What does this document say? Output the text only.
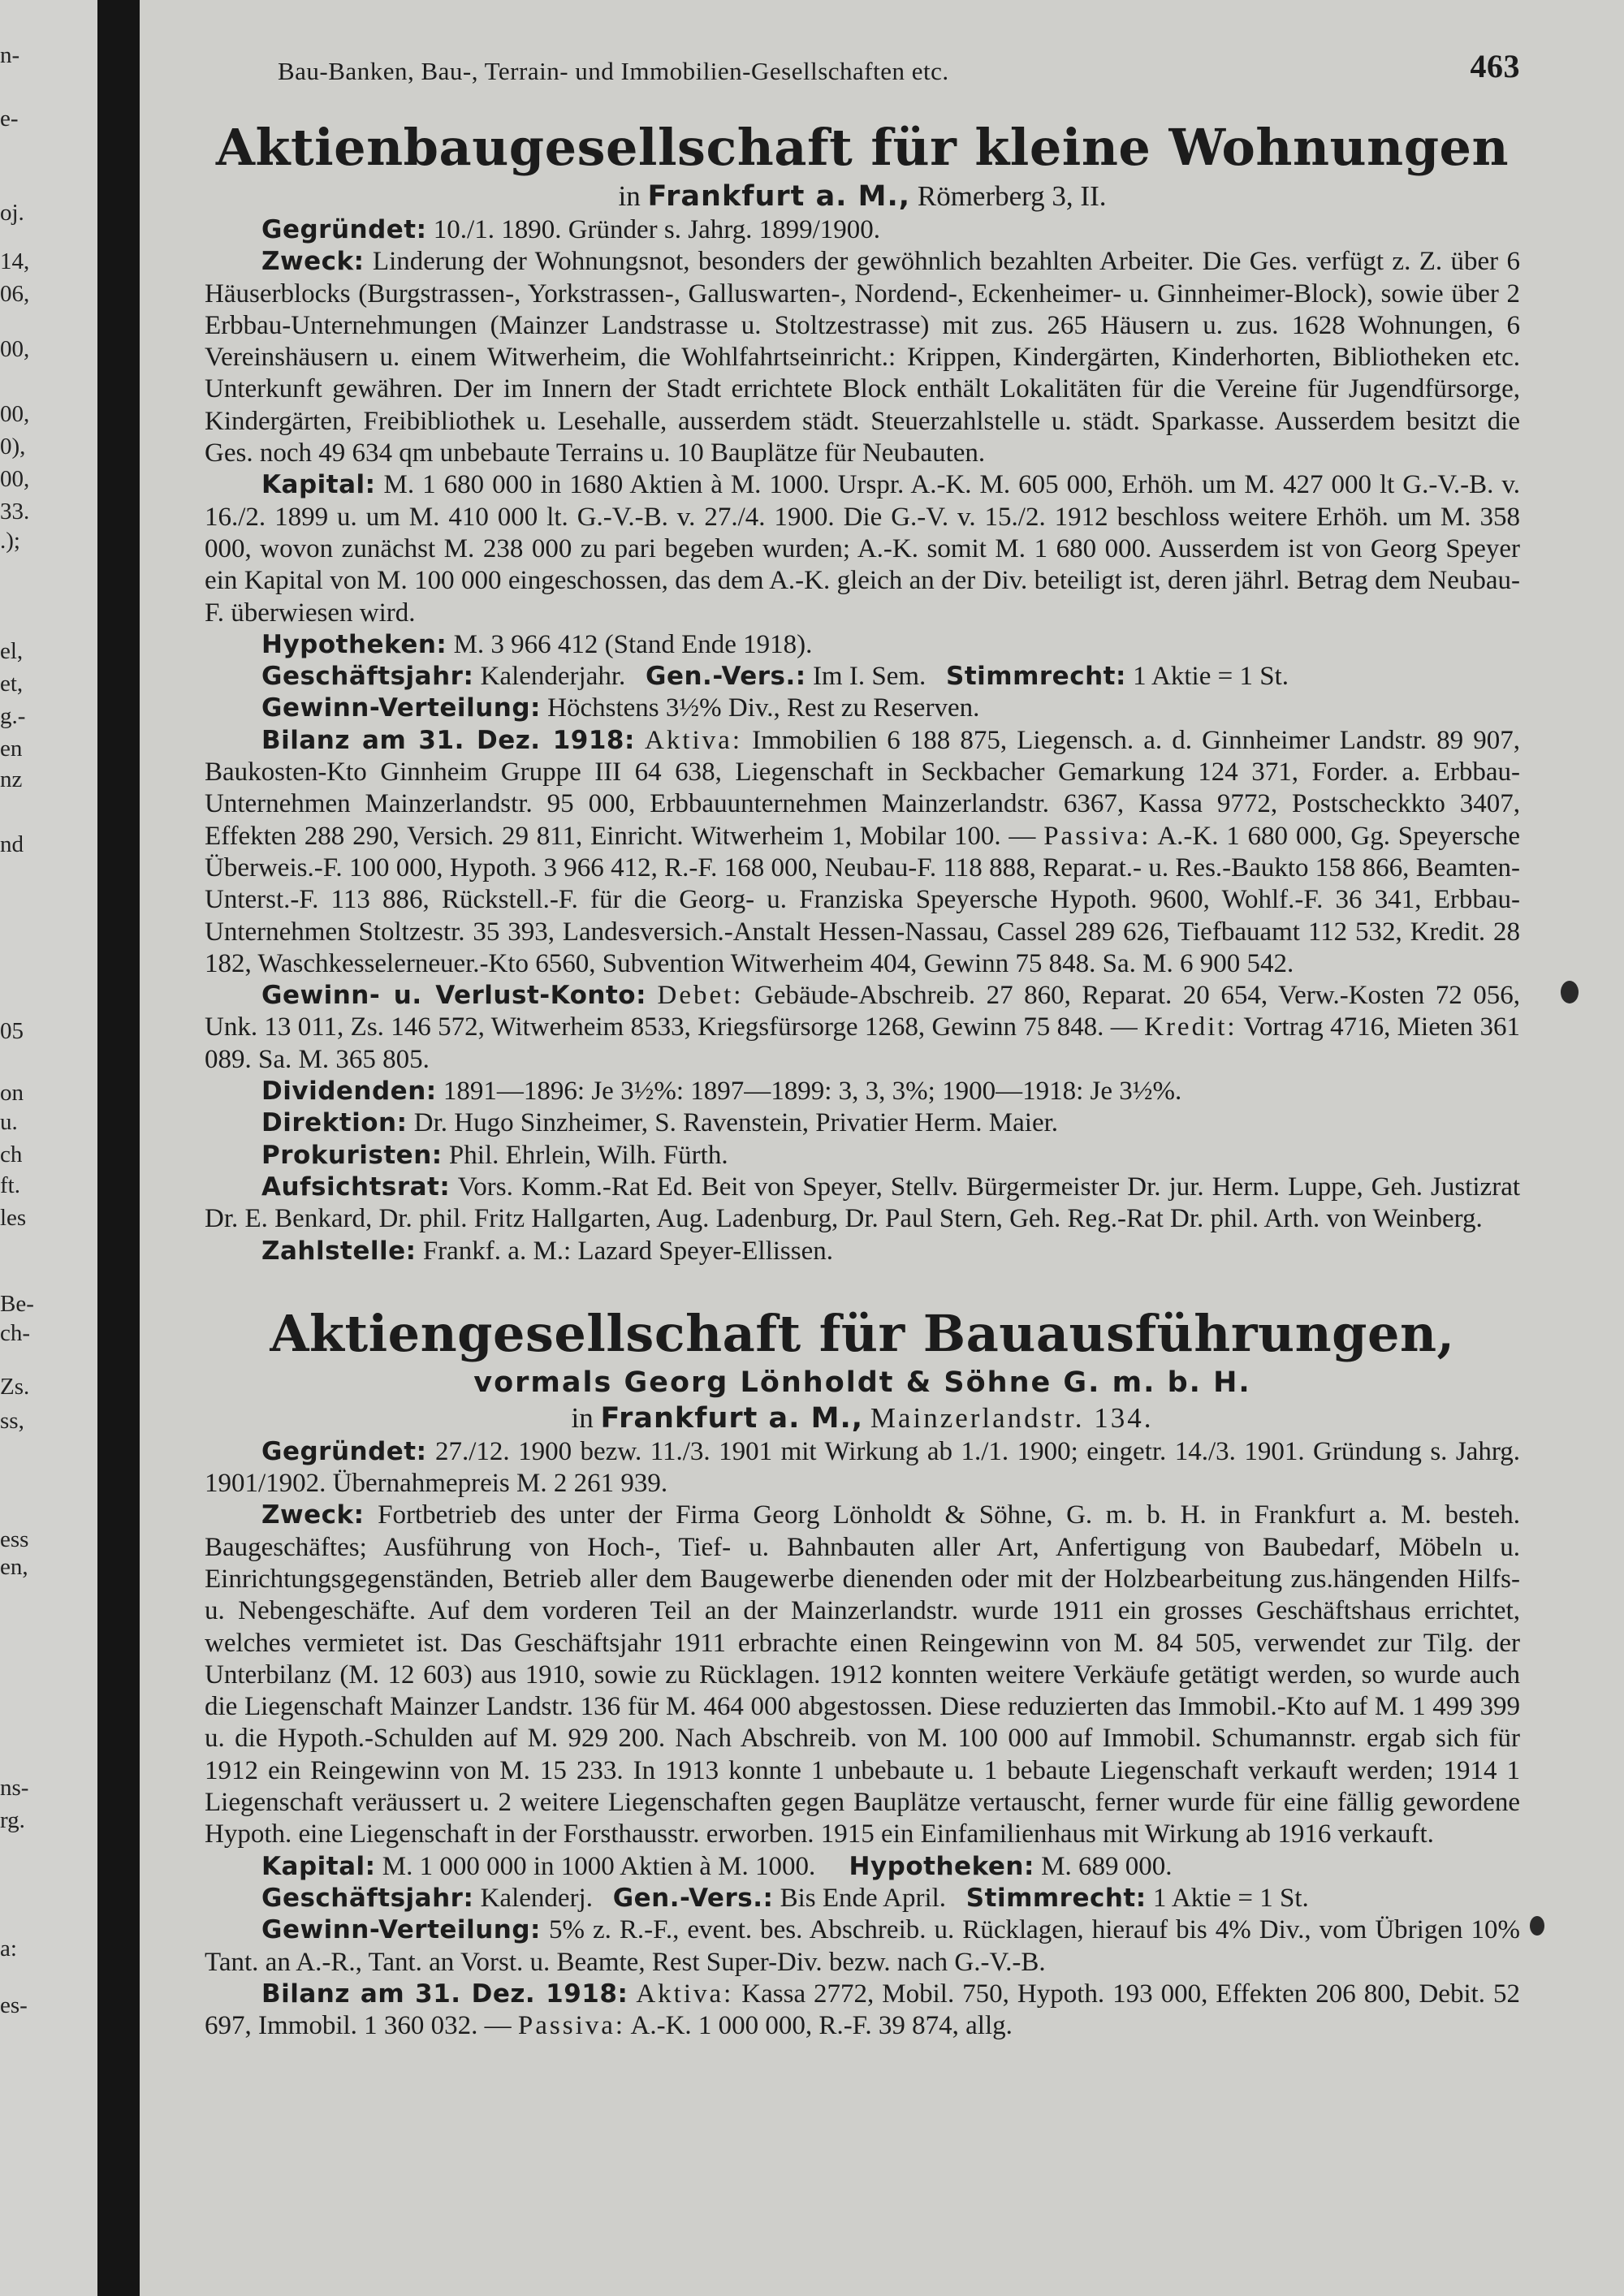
n-
e-
oj.
14,
06,
00,
00,
0),
00,
33.
.);
el,
et,
g.-
en
nz
nd
05
on
u.
ch
ft.
les
Be-
ch-
Zs.
ss,
ess
en,
ns-
rg.
a:
es-
Bau-Banken, Bau-, Terrain- und Immobilien-Gesellschaften etc.	463
Aktienbaugesellschaft für kleine Wohnungen
in Frankfurt a. M., Römerberg 3, II.

Gegründet: 10./1. 1890. Gründer s. Jahrg. 1899/1900.

Zweck: Linderung der Wohnungsnot, besonders der gewöhnlich bezahlten Arbeiter. Die Ges. verfügt z. Z. über 6 Häuserblocks (Burgstrassen-, Yorkstrassen-, Galluswarten-, Nordend-, Eckenheimer- u. Ginnheimer-Block), sowie über 2 Erbbau-Unternehmungen (Mainzer Landstrasse u. Stoltzestrasse) mit zus. 265 Häusern u. zus. 1628 Wohnungen, 6 Vereinshäusern u. einem Witwerheim, die Wohlfahrtseinricht.: Krippen, Kindergärten, Kinderhorten, Bibliotheken etc. Unterkunft gewähren. Der im Innern der Stadt errichtete Block enthält Lokalitäten für die Vereine für Jugendfürsorge, Kindergärten, Freibibliothek u. Lesehalle, ausserdem städt. Steuerzahlstelle u. städt. Sparkasse. Ausserdem besitzt die Ges. noch 49 634 qm unbebaute Terrains u. 10 Bauplätze für Neubauten.

Kapital: M. 1 680 000 in 1680 Aktien à M. 1000. Urspr. A.-K. M. 605 000, Erhöh. um M. 427 000 lt G.-V.-B. v. 16./2. 1899 u. um M. 410 000 lt. G.-V.-B. v. 27./4. 1900. Die G.-V. v. 15./2. 1912 beschloss weitere Erhöh. um M. 358 000, wovon zunächst M. 238 000 zu pari begeben wurden; A.-K. somit M. 1 680 000. Ausserdem ist von Georg Speyer ein Kapital von M. 100 000 eingeschossen, das dem A.-K. gleich an der Div. beteiligt ist, deren jährl. Betrag dem Neubau-F. überwiesen wird.

Hypotheken: M. 3 966 412 (Stand Ende 1918).

Geschäftsjahr: Kalenderjahr. Gen.-Vers.: Im I. Sem. Stimmrecht: 1 Aktie = 1 St.

Gewinn-Verteilung: Höchstens 3½% Div., Rest zu Reserven.

Bilanz am 31. Dez. 1918: Aktiva: Immobilien 6 188 875, Liegensch. a. d. Ginnheimer Landstr. 89 907, Baukosten-Kto Ginnheim Gruppe III 64 638, Liegenschaft in Seckbacher Gemarkung 124 371, Forder. a. Erbbau-Unternehmen Mainzerlandstr. 95 000, Erbbauunternehmen Mainzerlandstr. 6367, Kassa 9772, Postscheckkto 3407, Effekten 288 290, Versich. 29 811, Einricht. Witwerheim 1, Mobilar 100. — Passiva: A.-K. 1 680 000, Gg. Speyersche Überweis.-F. 100 000, Hypoth. 3 966 412, R.-F. 168 000, Neubau-F. 118 888, Reparat.- u. Res.-Baukto 158 866, Beamten-Unterst.-F. 113 886, Rückstell.-F. für die Georg- u. Franziska Speyersche Hypoth. 9600, Wohlf.-F. 36 341, Erbbau-Unternehmen Stoltzestr. 35 393, Landesversich.-Anstalt Hessen-Nassau, Cassel 289 626, Tiefbauamt 112 532, Kredit. 28 182, Waschkesselerneuer.-Kto 6560, Subvention Witwerheim 404, Gewinn 75 848. Sa. M. 6 900 542.

Gewinn- u. Verlust-Konto: Debet: Gebäude-Abschreib. 27 860, Reparat. 20 654, Verw.-Kosten 72 056, Unk. 13 011, Zs. 146 572, Witwerheim 8533, Kriegsfürsorge 1268, Gewinn 75 848. — Kredit: Vortrag 4716, Mieten 361 089. Sa. M. 365 805.

Dividenden: 1891—1896: Je 3½%: 1897—1899: 3, 3, 3%; 1900—1918: Je 3½%.

Direktion: Dr. Hugo Sinzheimer, S. Ravenstein, Privatier Herm. Maier.

Prokuristen: Phil. Ehrlein, Wilh. Fürth.

Aufsichtsrat: Vors. Komm.-Rat Ed. Beit von Speyer, Stellv. Bürgermeister Dr. jur. Herm. Luppe, Geh. Justizrat Dr. E. Benkard, Dr. phil. Fritz Hallgarten, Aug. Ladenburg, Dr. Paul Stern, Geh. Reg.-Rat Dr. phil. Arth. von Weinberg.

Zahlstelle: Frankf. a. M.: Lazard Speyer-Ellissen.

Aktiengesellschaft für Bauausführungen,
vormals Georg Lönholdt & Söhne G. m. b. H.
in Frankfurt a. M., Mainzerlandstr. 134.

Gegründet: 27./12. 1900 bezw. 11./3. 1901 mit Wirkung ab 1./1. 1900; eingetr. 14./3. 1901. Gründung s. Jahrg. 1901/1902. Übernahmepreis M. 2 261 939.

Zweck: Fortbetrieb des unter der Firma Georg Lönholdt & Söhne, G. m. b. H. in Frankfurt a. M. besteh. Baugeschäftes; Ausführung von Hoch-, Tief- u. Bahnbauten aller Art, Anfertigung von Baubedarf, Möbeln u. Einrichtungsgegenständen, Betrieb aller dem Baugewerbe dienenden oder mit der Holzbearbeitung zus.hängenden Hilfs- u. Nebengeschäfte. Auf dem vorderen Teil an der Mainzerlandstr. wurde 1911 ein grosses Geschäftshaus errichtet, welches vermietet ist. Das Geschäftsjahr 1911 erbrachte einen Reingewinn von M. 84 505, verwendet zur Tilg. der Unterbilanz (M. 12 603) aus 1910, sowie zu Rücklagen. 1912 konnten weitere Verkäufe getätigt werden, so wurde auch die Liegenschaft Mainzer Landstr. 136 für M. 464 000 abgestossen. Diese reduzierten das Immobil.-Kto auf M. 1 499 399 u. die Hypoth.-Schulden auf M. 929 200. Nach Abschreib. von M. 100 000 auf Immobil. Schumannstr. ergab sich für 1912 ein Reingewinn von M. 15 233. In 1913 konnte 1 unbebaute u. 1 bebaute Liegenschaft verkauft werden; 1914 1 Liegenschaft veräussert u. 2 weitere Liegenschaften gegen Bauplätze vertauscht, ferner wurde für eine fällig gewordene Hypoth. eine Liegenschaft in der Forsthausstr. erworben. 1915 ein Einfamilienhaus mit Wirkung ab 1916 verkauft.

Kapital: M. 1 000 000 in 1000 Aktien à M. 1000. Hypotheken: M. 689 000.

Geschäftsjahr: Kalenderj. Gen.-Vers.: Bis Ende April. Stimmrecht: 1 Aktie = 1 St.

Gewinn-Verteilung: 5% z. R.-F., event. bes. Abschreib. u. Rücklagen, hierauf bis 4% Div., vom Übrigen 10% Tant. an A.-R., Tant. an Vorst. u. Beamte, Rest Super-Div. bezw. nach G.-V.-B.

Bilanz am 31. Dez. 1918: Aktiva: Kassa 2772, Mobil. 750, Hypoth. 193 000, Effekten 206 800, Debit. 52 697, Immobil. 1 360 032. — Passiva: A.-K. 1 000 000, R.-F. 39 874, allg.
